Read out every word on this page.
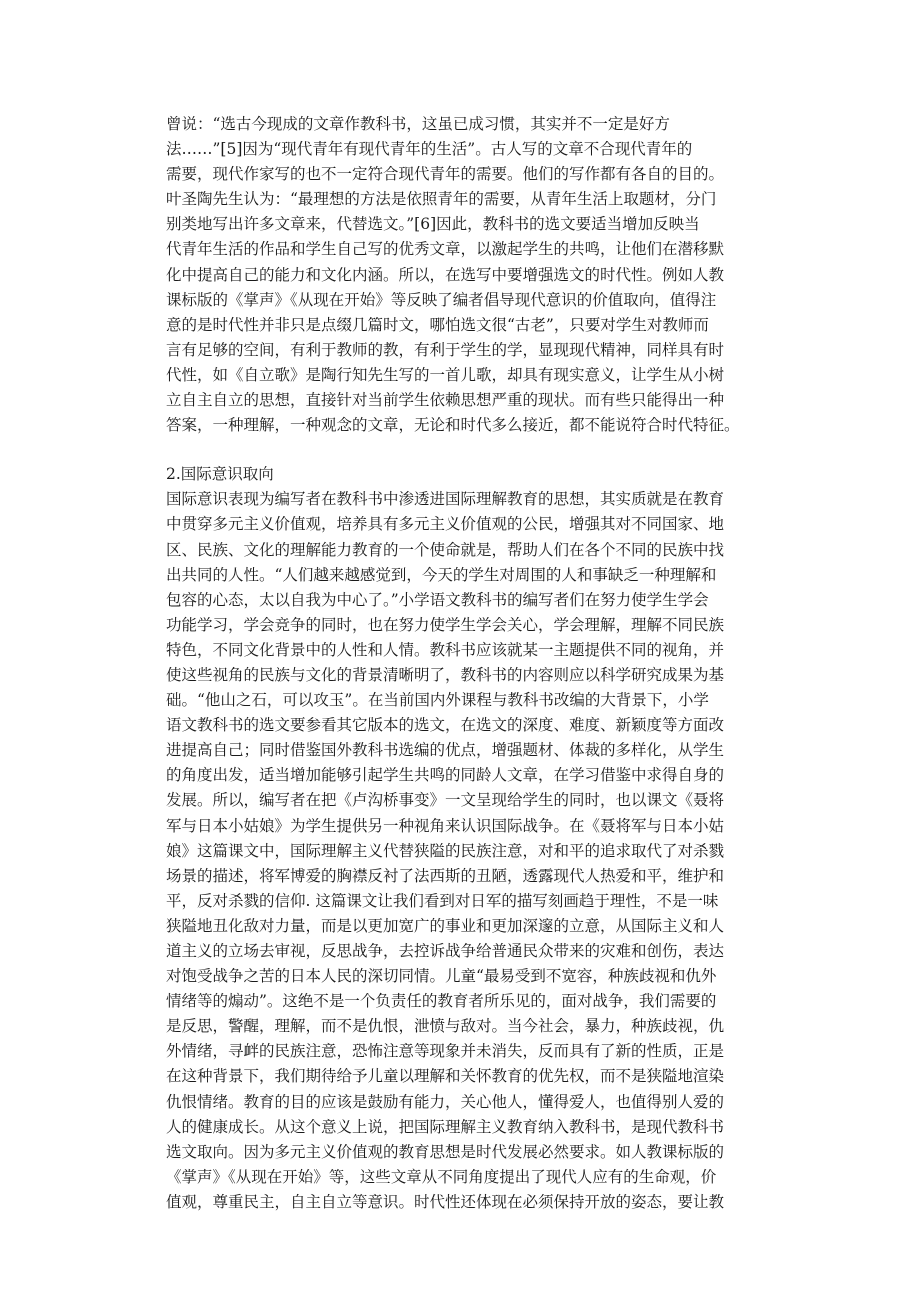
曾说：“选古今现成的文章作教科书，这虽已成习惯，其实并不一定是好方
法……”[5]因为“现代青年有现代青年的生活”。古人写的文章不合现代青年的
需要，现代作家写的也不一定符合现代青年的需要。他们的写作都有各自的目的。
叶圣陶先生认为：“最理想的方法是依照青年的需要，从青年生活上取题材，分门
别类地写出许多文章来，代替选文。”[6]因此，教科书的选文要适当增加反映当
代青年生活的作品和学生自己写的优秀文章，以激起学生的共鸣，让他们在潜移默
化中提高自己的能力和文化内涵。所以，在选写中要增强选文的时代性。例如人教
课标版的《掌声》《从现在开始》等反映了编者倡导现代意识的价值取向，值得注
意的是时代性并非只是点缀几篇时文，哪怕选文很“古老”，只要对学生对教师而
言有足够的空间，有利于教师的教，有利于学生的学，显现现代精神，同样具有时
代性，如《自立歌》是陶行知先生写的一首儿歌，却具有现实意义，让学生从小树
立自主自立的思想，直接针对当前学生依赖思想严重的现状。而有些只能得出一种
答案，一种理解，一种观念的文章，无论和时代多么接近，都不能说符合时代特征。

2.国际意识取向

国际意识表现为编写者在教科书中渗透进国际理解教育的思想，其实质就是在教育
中贯穿多元主义价值观，培养具有多元主义价值观的公民，增强其对不同国家、地
区、民族、文化的理解能力教育的一个使命就是，帮助人们在各个不同的民族中找
出共同的人性。“人们越来越感觉到，今天的学生对周围的人和事缺乏一种理解和
包容的心态，太以自我为中心了。”小学语文教科书的编写者们在努力使学生学会
功能学习，学会竞争的同时，也在努力使学生学会关心，学会理解，理解不同民族
特色，不同文化背景中的人性和人情。教科书应该就某一主题提供不同的视角，并
使这些视角的民族与文化的背景清晰明了，教科书的内容则应以科学研究成果为基
础。“他山之石，可以攻玉”。在当前国内外课程与教科书改编的大背景下，小学
语文教科书的选文要参看其它版本的选文，在选文的深度、难度、新颖度等方面改
进提高自己；同时借鉴国外教科书选编的优点，增强题材、体裁的多样化，从学生
的角度出发，适当增加能够引起学生共鸣的同龄人文章，在学习借鉴中求得自身的
发展。所以，编写者在把《卢沟桥事变》一文呈现给学生的同时，也以课文《聂将
军与日本小姑娘》为学生提供另一种视角来认识国际战争。在《聂将军与日本小姑
娘》这篇课文中，国际理解主义代替狭隘的民族注意，对和平的追求取代了对杀戮
场景的描述，将军博爱的胸襟反衬了法西斯的丑陋，透露现代人热爱和平，维护和
平，反对杀戮的信仰. 这篇课文让我们看到对日军的描写刻画趋于理性，不是一味
狭隘地丑化敌对力量，而是以更加宽广的事业和更加深邃的立意，从国际主义和人
道主义的立场去审视，反思战争，去控诉战争给普通民众带来的灾难和创伤，表达
对饱受战争之苦的日本人民的深切同情。儿童“最易受到不宽容，种族歧视和仇外
情绪等的煽动”。这绝不是一个负责任的教育者所乐见的，面对战争，我们需要的
是反思，警醒，理解，而不是仇恨，泄愤与敌对。当今社会，暴力，种族歧视，仇
外情绪，寻衅的民族注意，恐怖注意等现象并未消失，反而具有了新的性质，正是
在这种背景下，我们期待给予儿童以理解和关怀教育的优先权，而不是狭隘地渲染
仇恨情绪。教育的目的应该是鼓励有能力，关心他人，懂得爱人，也值得别人爱的
人的健康成长。从这个意义上说，把国际理解主义教育纳入教科书，是现代教科书
选文取向。因为多元主义价值观的教育思想是时代发展必然要求。如人教课标版的
《掌声》《从现在开始》等，这些文章从不同角度提出了现代人应有的生命观，价
值观，尊重民主，自主自立等意识。时代性还体现在必须保持开放的姿态，要让教
